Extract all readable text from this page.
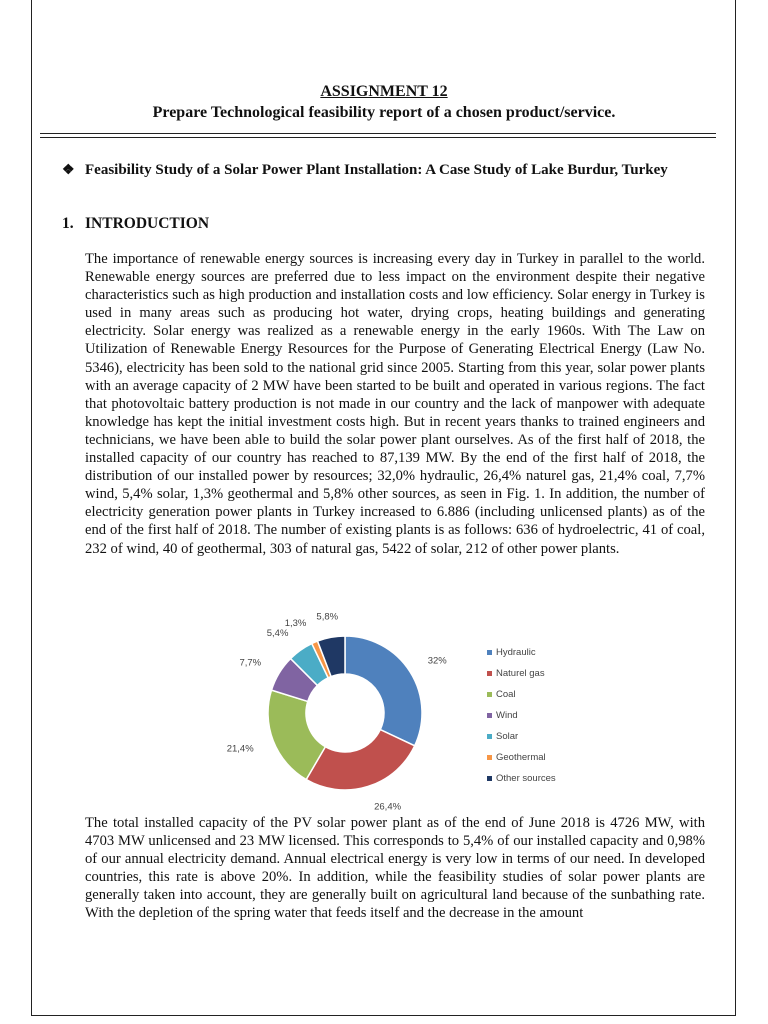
ASSIGNMENT 12
Prepare Technological feasibility report of a chosen product/service.
❖ Feasibility Study of a Solar Power Plant Installation: A Case Study of Lake Burdur, Turkey
1. INTRODUCTION

The importance of renewable energy sources is increasing every day in Turkey in parallel to the world. Renewable energy sources are preferred due to less impact on the environment despite their negative characteristics such as high production and installation costs and low efficiency. Solar energy in Turkey is used in many areas such as producing hot water, drying crops, heating buildings and generating electricity. Solar energy was realized as a renewable energy in the early 1960s. With The Law on Utilization of Renewable Energy Resources for the Purpose of Generating Electrical Energy (Law No. 5346), electricity has been sold to the national grid since 2005. Starting from this year, solar power plants with an average capacity of 2 MW have been started to be built and operated in various regions. The fact that photovoltaic battery production is not made in our country and the lack of manpower with adequate knowledge has kept the initial investment costs high. But in recent years thanks to trained engineers and technicians, we have been able to build the solar power plant ourselves. As of the first half of 2018, the installed capacity of our country has reached to 87,139 MW. By the end of the first half of 2018, the distribution of our installed power by resources; 32,0% hydraulic, 26,4% naturel gas, 21,4% coal, 7,7% wind, 5,4% solar, 1,3% geothermal and 5,8% other sources, as seen in Fig. 1. In addition, the number of electricity generation power plants in Turkey increased to 6.886 (including unlicensed plants) as of the end of the first half of 2018. The number of existing plants is as follows: 636 of hydroelectric, 41 of coal, 232 of wind, 40 of geothermal, 303 of natural gas, 5422 of solar, 212 of other power plants.

32%
26,4%
21,4%
7,7%
5,4%
1,3%
5,8%
Hydraulic
Naturel gas
Coal
Wind
Solar
Geothermal
Other sources

The total installed capacity of the PV solar power plant as of the end of June 2018 is 4726 MW, with 4703 MW unlicensed and 23 MW licensed. This corresponds to 5,4% of our installed capacity and 0,98% of our annual electricity demand. Annual electrical energy is very low in terms of our need. In developed countries, this rate is above 20%. In addition, while the feasibility studies of solar power plants are generally taken into account, they are generally built on agricultural land because of the sunbathing rate. With the depletion of the spring water that feeds itself and the decrease in the amount
